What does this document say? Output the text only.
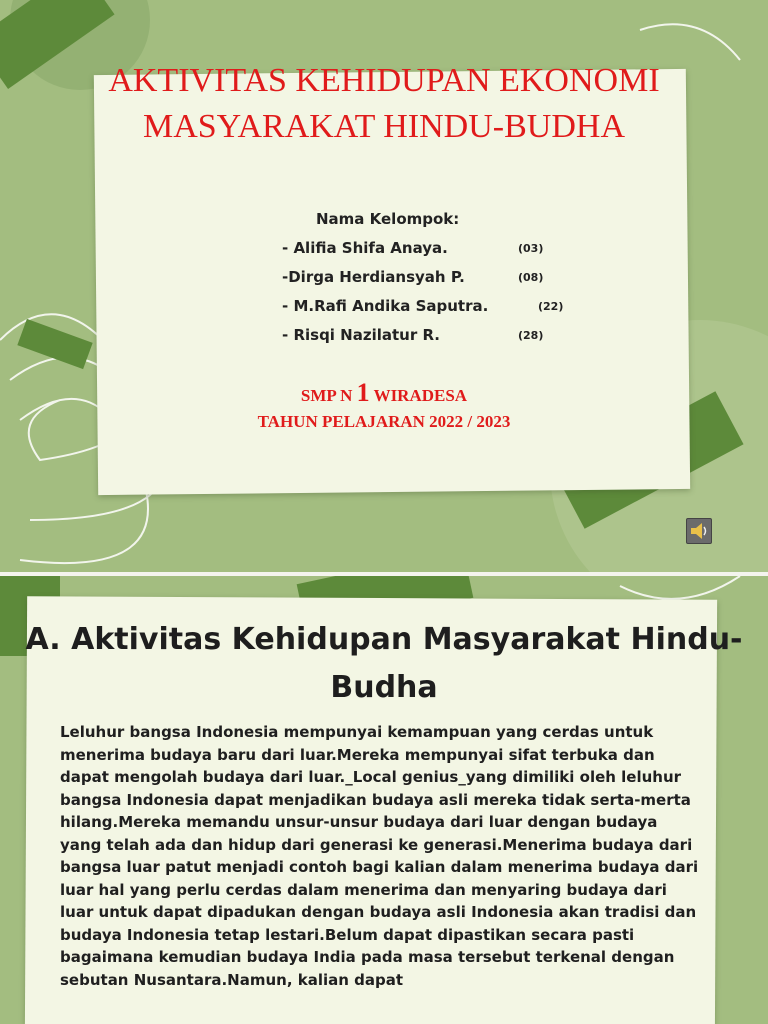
AKTIVITAS KEHIDUPAN EKONOMI
MASYARAKAT HINDU-BUDHA
Nama Kelompok:
- Alifia Shifa Anaya.	(03)
-Dirga Herdiansyah P.	(08)
- M.Rafi Andika Saputra.	(22)
- Risqi Nazilatur R.	(28)
SMP N 1 WIRADESA
TAHUN PELAJARAN 2022 / 2023
A. Aktivitas Kehidupan Masyarakat Hindu-
Budha
Leluhur bangsa Indonesia mempunyai kemampuan yang cerdas untuk menerima budaya baru dari luar.Mereka mempunyai sifat terbuka dan dapat mengolah budaya dari luar._Local genius_yang dimiliki oleh leluhur bangsa Indonesia dapat menjadikan budaya asli mereka tidak serta-merta hilang.Mereka memandu unsur-unsur budaya dari luar dengan budaya yang telah ada dan hidup dari generasi ke generasi.Menerima budaya dari bangsa luar patut menjadi contoh bagi kalian dalam menerima budaya dari luar hal yang perlu cerdas dalam menerima dan menyaring budaya dari luar untuk dapat dipadukan dengan budaya asli Indonesia akan tradisi dan budaya Indonesia tetap lestari.Belum dapat dipastikan secara pasti bagaimana kemudian budaya India pada masa tersebut terkenal dengan sebutan Nusantara.Namun, kalian dapat
